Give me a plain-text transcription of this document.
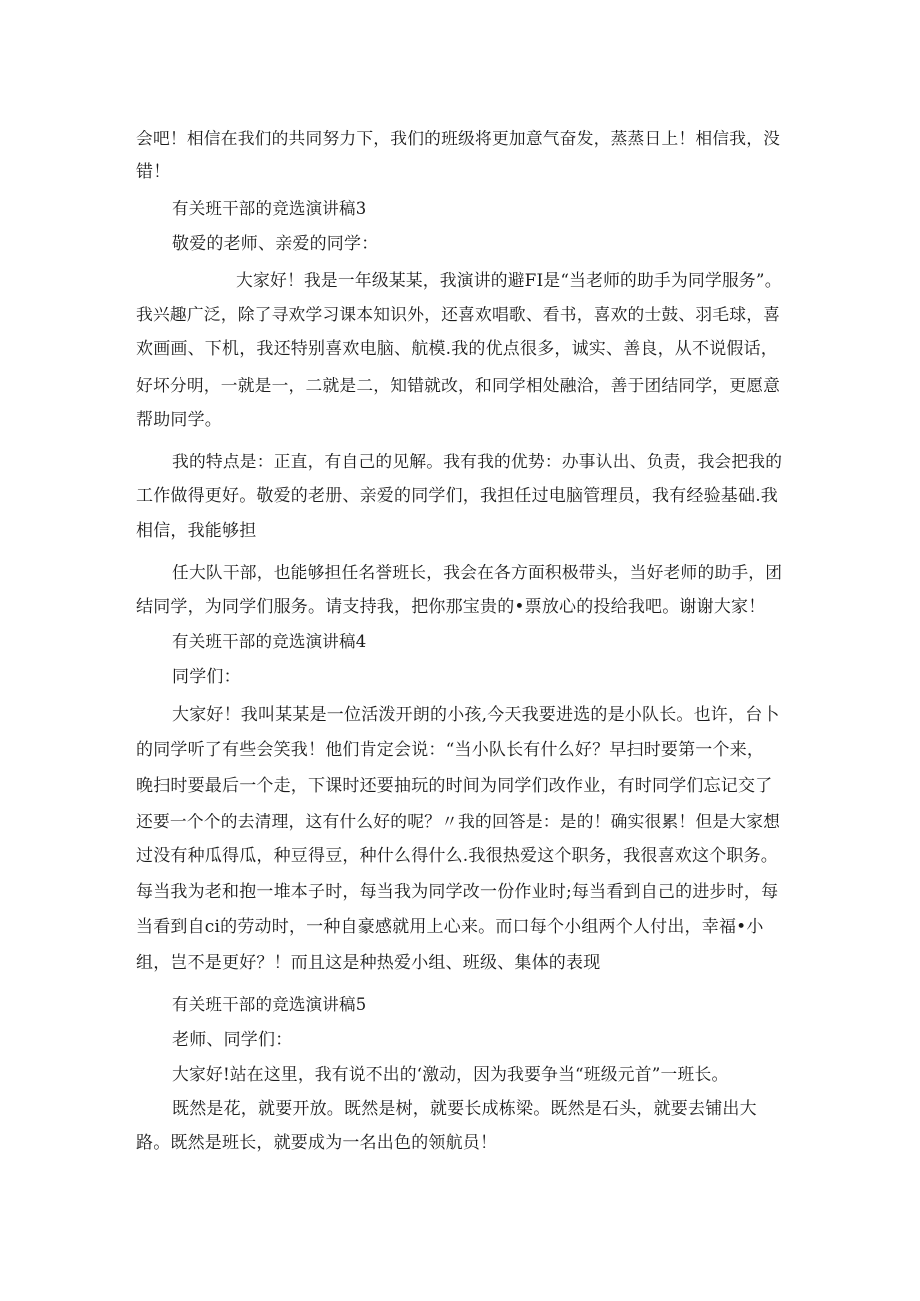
会吧！相信在我们的共同努力下，我们的班级将更加意气奋发，蒸蒸日上！相信我，没
错！
有关班干部的竞选演讲稿3
敬爱的老师、亲爱的同学：
大家好！我是一年级某某，我演讲的避FI是“当老师的助手为同学服务”。
我兴趣广泛，除了寻欢学习课本知识外，还喜欢唱歌、看书，喜欢的士鼓、羽毛球，喜
欢画画、下机，我还特别喜欢电脑、航模.我的优点很多，诚实、善良，从不说假话，
好坏分明，一就是一，二就是二，知错就改，和同学相处融洽，善于团结同学，更愿意
帮助同学。
我的特点是：正直，有自己的见解。我有我的优势：办事认出、负责，我会把我的
工作做得更好。敬爱的老册、亲爱的同学们，我担任过电脑管理员，我有经验基础.我
相信，我能够担
任大队干部，也能够担任名誉班长，我会在各方面积极带头，当好老师的助手，团
结同学，为同学们服务。请支持我，把你那宝贵的•票放心的投给我吧。谢谢大家！
有关班干部的竞选演讲稿4
同学们：
大家好！我叫某某是一位活泼开朗的小孩,今天我要进选的是小队长。也许，台卜
的同学听了有些会笑我！他们肯定会说：“当小队长有什么好？早扫时要第一个来，
晚扫时要最后一个走，下课时还要抽玩的时间为同学们改作业，有时同学们忘记交了
还要一个个的去清理，这有什么好的呢？〃我的回答是：是的！确实很累！但是大家想
过没有种瓜得瓜，种豆得豆，种什么得什么.我很热爱这个职务，我很喜欢这个职务。
每当我为老和抱一堆本子时，每当我为同学改一份作业时;每当看到自己的进步时，每
当看到自ci的劳动时，一种自豪感就用上心来。而口每个小组两个人付出，幸福•小
组，岂不是更好？！而且这是种热爱小组、班级、集体的表现
有关班干部的竞选演讲稿5
老师、同学们：
大家好!站在这里，我有说不出的‘激动，因为我要争当“班级元首”一班长。
既然是花，就要开放。既然是树，就要长成栋梁。既然是石头，就要去铺出大
路。既然是班长，就要成为一名出色的领航员！
